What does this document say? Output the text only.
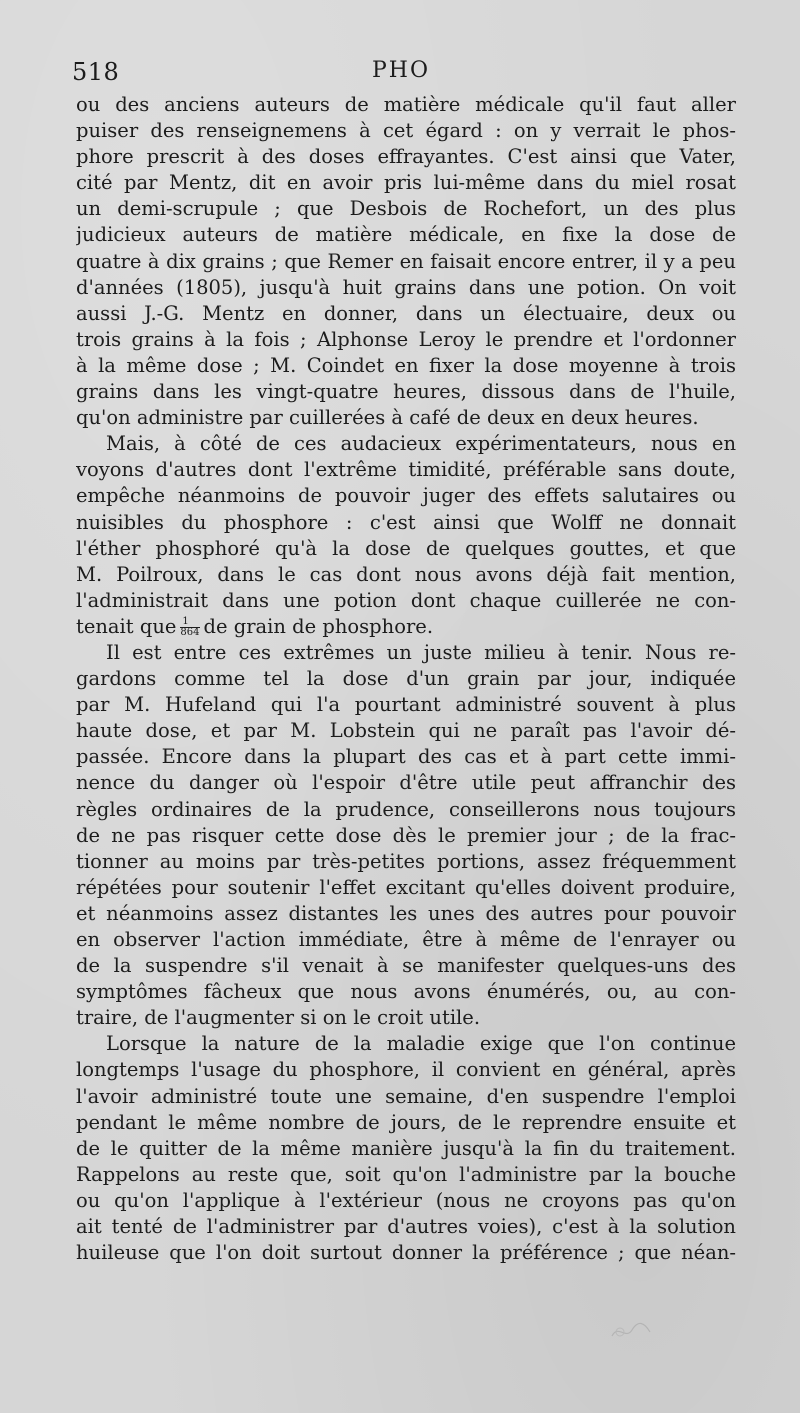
518	PHO
ou des anciens auteurs de matière médicale qu'il faut aller
puiser des renseignemens à cet égard : on y verrait le phos-
phore prescrit à des doses effrayantes. C'est ainsi que Vater,
cité par Mentz, dit en avoir pris lui-même dans du miel rosat
un demi-scrupule ; que Desbois de Rochefort, un des plus
judicieux auteurs de matière médicale, en fixe la dose de
quatre à dix grains ; que Remer en faisait encore entrer, il y a peu
d'années (1805), jusqu'à huit grains dans une potion. On voit
aussi J.-G. Mentz en donner, dans un électuaire, deux ou
trois grains à la fois ; Alphonse Leroy le prendre et l'ordonner
à la même dose ; M. Coindet en fixer la dose moyenne à trois
grains dans les vingt-quatre heures, dissous dans de l'huile,
qu'on administre par cuillerées à café de deux en deux heures.
Mais, à côté de ces audacieux expérimentateurs, nous en
voyons d'autres dont l'extrême timidité, préférable sans doute,
empêche néanmoins de pouvoir juger des effets salutaires ou
nuisibles du phosphore : c'est ainsi que Wolff ne donnait
l'éther phosphoré qu'à la dose de quelques gouttes, et que
M. Poilroux, dans le cas dont nous avons déjà fait mention,
l'administrait dans une potion dont chaque cuillerée ne con-
tenait que $\frac{1}{864}$ de grain de phosphore.
Il est entre ces extrêmes un juste milieu à tenir. Nous re-
gardons comme tel la dose d'un grain par jour, indiquée
par M. Hufeland qui l'a pourtant administré souvent à plus
haute dose, et par M. Lobstein qui ne paraît pas l'avoir dé-
passée. Encore dans la plupart des cas et à part cette immi-
nence du danger où l'espoir d'être utile peut affranchir des
règles ordinaires de la prudence, conseillerons nous toujours
de ne pas risquer cette dose dès le premier jour ; de la frac-
tionner au moins par très-petites portions, assez fréquemment
répétées pour soutenir l'effet excitant qu'elles doivent produire,
et néanmoins assez distantes les unes des autres pour pouvoir
en observer l'action immédiate, être à même de l'enrayer ou
de la suspendre s'il venait à se manifester quelques-uns des
symptômes fâcheux que nous avons énumérés, ou, au con-
traire, de l'augmenter si on le croit utile.
Lorsque la nature de la maladie exige que l'on continue
longtemps l'usage du phosphore, il convient en général, après
l'avoir administré toute une semaine, d'en suspendre l'emploi
pendant le même nombre de jours, de le reprendre ensuite et
de le quitter de la même manière jusqu'à la fin du traitement.
Rappelons au reste que, soit qu'on l'administre par la bouche
ou qu'on l'applique à l'extérieur (nous ne croyons pas qu'on
ait tenté de l'administrer par d'autres voies), c'est à la solution
huileuse que l'on doit surtout donner la préférence ; que néan-
